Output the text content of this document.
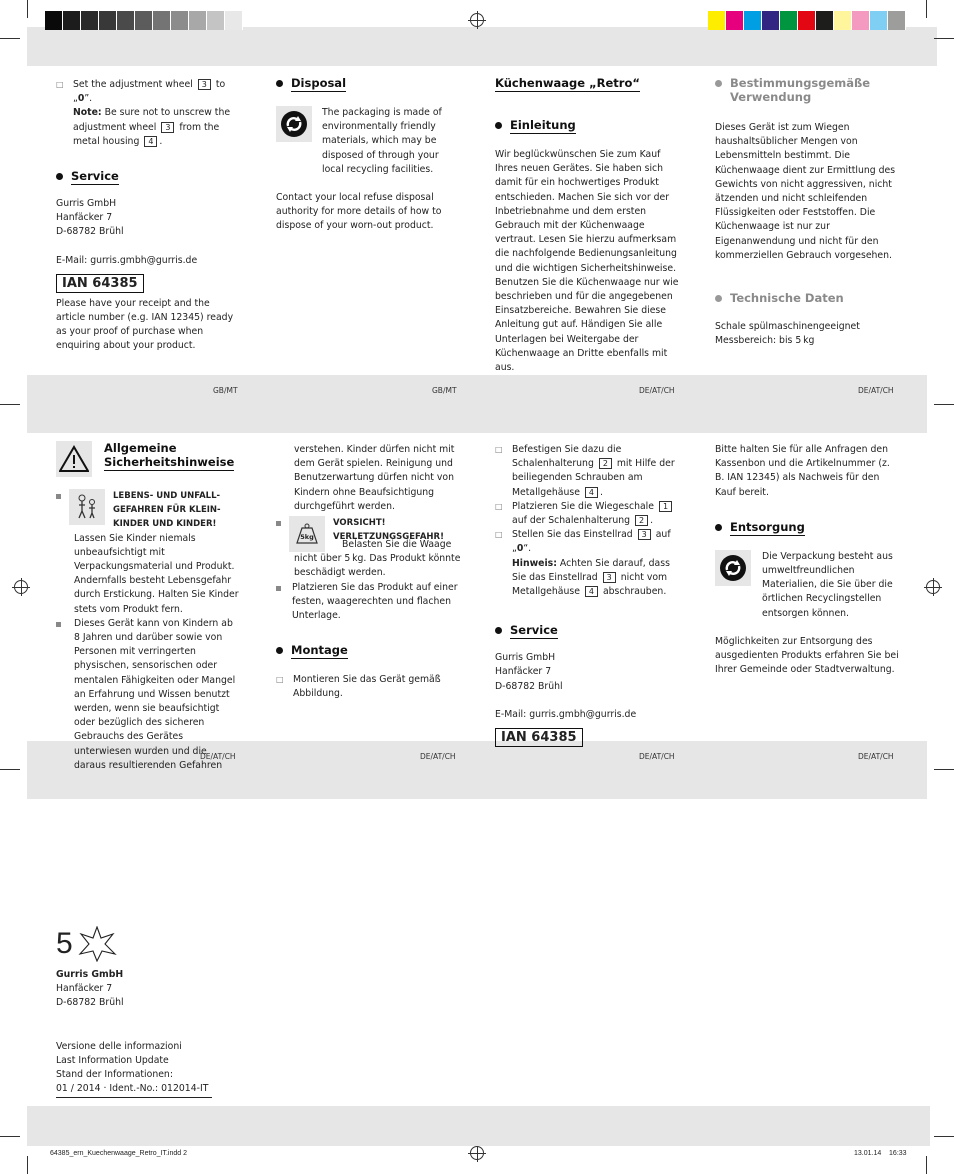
□ Set the adjustment wheel 3 to „0”.
Note: Be sure not to unscrew the adjustment wheel 3 from the metal housing 4 .

Service

Gurris GmbH
Hanfäcker 7
D-68782 Brühl

E-Mail: gurris.gmbh@gurris.de

IAN 64385

Please have your receipt and the article number (e.g. IAN 12345) ready as your proof of purchase when enquiring about your product.

GB/MT
Disposal

The packaging is made of environmentally friendly materials, which may be disposed of through your local recycling facilities.

Contact your local refuse disposal authority for more details of how to dispose of your worn-out product.

GB/MT
Küchenwaage „Retro“
Einleitung

Wir beglückwünschen Sie zum Kauf Ihres neuen Gerätes. Sie haben sich damit für ein hochwertiges Produkt entschieden. Machen Sie sich vor der Inbetriebnahme und dem ersten Gebrauch mit der Küchenwaage vertraut. Lesen Sie hierzu aufmerksam die nachfolgende Bedienungsanleitung und die wichtigen Sicherheitshinweise. Benutzen Sie die Küchenwaage nur wie beschrieben und für die angegebenen Einsatzbereiche. Bewahren Sie diese Anleitung gut auf. Händigen Sie alle Unterlagen bei Weitergabe der Küchenwaage an Dritte ebenfalls mit aus.

DE/AT/CH
Bestimmungsgemäße Verwendung

Dieses Gerät ist zum Wiegen haushaltsüblicher Mengen von Lebensmitteln bestimmt. Die Küchenwaage dient zur Ermittlung des Gewichts von nicht aggressiven, nicht ätzenden und nicht schleifenden Flüssigkeiten oder Feststoffen. Die Küchenwaage ist nur zur Eigenanwendung und nicht für den kommerziellen Gebrauch vorgesehen.

Technische Daten

Schale spülmaschinengeeignet
Messbereich: bis 5 kg

DE/AT/CH
Allgemeine
Sicherheitshinweise

LEBENS- UND UNFALL-GEFAHREN FÜR KLEIN-KINDER UND KINDER!

Lassen Sie Kinder niemals unbeaufsichtigt mit Verpackungsmaterial und Produkt. Andernfalls besteht Lebensgefahr durch Erstickung. Halten Sie Kinder stets vom Produkt fern.

Dieses Gerät kann von Kindern ab 8 Jahren und darüber sowie von Personen mit verringerten physischen, sensorischen oder mentalen Fähigkeiten oder Mangel an Erfahrung und Wissen benutzt werden, wenn sie beaufsichtigt oder bezüglich des sicheren Gebrauchs des Gerätes unterwiesen wurden und die daraus resultierenden Gefahren

DE/AT/CH

verstehen. Kinder dürfen nicht mit dem Gerät spielen. Reinigung und Benutzerwartung dürfen nicht von Kindern ohne Beaufsichtigung durchgeführt werden.

5kg

VORSICHT! VERLETZUNGSGEFAHR!

Belasten Sie die Waage nicht über 5 kg. Das Produkt könnte beschädigt werden.

Platzieren Sie das Produkt auf einer festen, waagerechten und flachen Unterlage.

Montage
□ Montieren Sie das Gerät gemäß Abbildung.

DE/AT/CH
□ Befestigen Sie dazu die Schalenhalterung 2 mit Hilfe der beiliegenden Schrauben am Metallgehäuse 4 .

□ Platzieren Sie die Wiegeschale 1 auf der Schalenhalterung 2 .

□ Stellen Sie das Einstellrad 3 auf „0“.
Hinweis: Achten Sie darauf, dass Sie das Einstellrad 3 nicht vom Metallgehäuse 4 abschrauben.

Service

Gurris GmbH
Hanfäcker 7
D-68782 Brühl

E-Mail: gurris.gmbh@gurris.de

IAN 64385
DE/AT/CH

Bitte halten Sie für alle Anfragen den Kassenbon und die Artikelnummer (z. B. IAN 12345) als Nachweis für den Kauf bereit.

Entsorgung

Die Verpackung besteht aus umweltfreundlichen Materialien, die Sie über die örtlichen Recyclingstellen entsorgen können.

Möglichkeiten zur Entsorgung des ausgedienten Produkts erfahren Sie bei Ihrer Gemeinde oder Stadtverwaltung.

DE/AT/CH
5

Gurris GmbH

Hanfäcker 7

D-68782 Brühl

Versione delle informazioni

Last Information Update

Stand der Informationen:

01 / 2014 · Ident.-No.: 012014-IT

64385_ern_Kuechenwaage_Retro_IT.indd 2	13.01.14    16:33
